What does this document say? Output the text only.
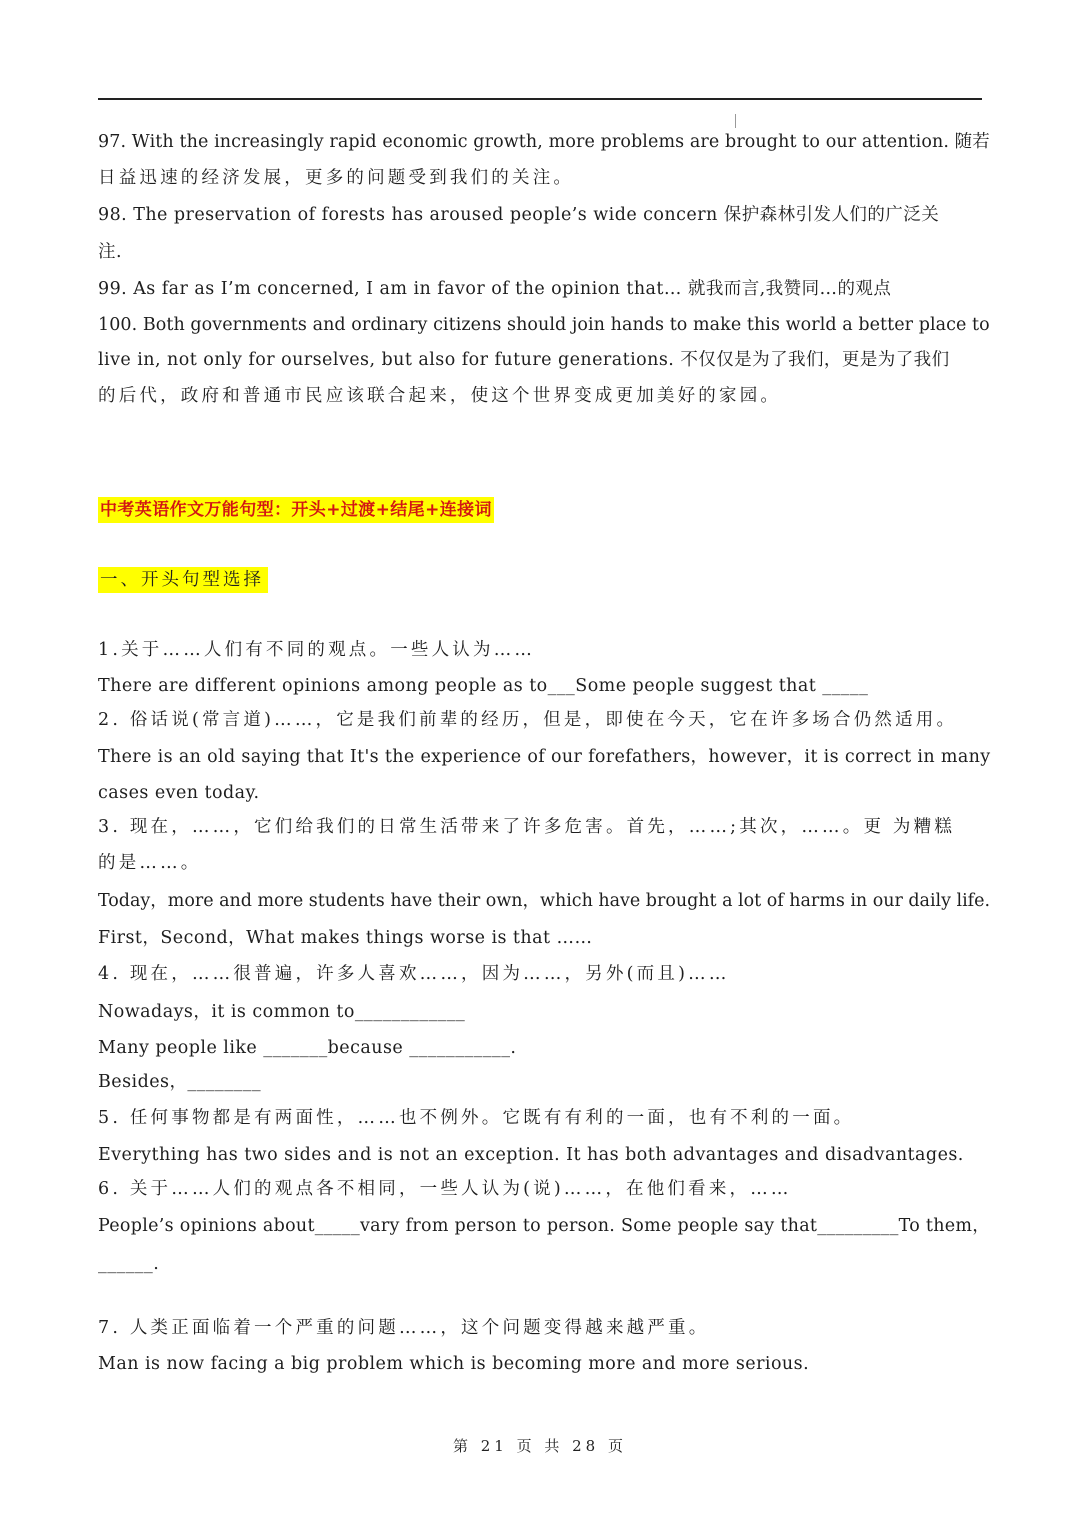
97. With the increasingly rapid economic growth, more problems are brought to our attention. 随若
日益迅速的经济发展，更多的问题受到我们的关注。
98. The preservation of forests has aroused people’s wide concern 保护森林引发人们的广泛关
注.
99. As far as I’m concerned, I am in favor of the opinion that… 就我而言,我赞同…的观点
100. Both governments and ordinary citizens should join hands to make this world a better place to
live in, not only for ourselves, but also for future generations. 不仅仅是为了我们，更是为了我们
的后代，政府和普通市民应该联合起来，使这个世界变成更加美好的家园。
中考英语作文万能句型：开头+过渡+结尾+连接词
一、开头句型选择
1.关于……人们有不同的观点。一些人认为……
There are different opinions among people as to___Some people suggest that _____
2. 俗话说(常言道)……，它是我们前辈的经历，但是，即使在今天，它在许多场合仍然适用。
There is an old saying that It's the experience of our forefathers，however，it is correct in many
cases even today.
3. 现在，……，它们给我们的日常生活带来了许多危害。首先，……;其次，……。更 为糟糕
的是……。
Today，more and more students have their own，which have brought a lot of harms in our daily life.
First，Second，What makes things worse is that ……
4. 现在，……很普遍，许多人喜欢……，因为……，另外(而且)……
Nowadays，it is common to____________
Many people like _______because ___________.
Besides，________
5. 任何事物都是有两面性，……也不例外。它既有有利的一面，也有不利的一面。
Everything has two sides and is not an exception. It has both advantages and disadvantages.
6. 关于……人们的观点各不相同，一些人认为(说)……，在他们看来，……
People’s opinions about_____vary from person to person. Some people say that_________To them，
______.
7. 人类正面临着一个严重的问题……，这个问题变得越来越严重。
Man is now facing a big problem which is becoming more and more serious.
第 21 页 共 28 页
